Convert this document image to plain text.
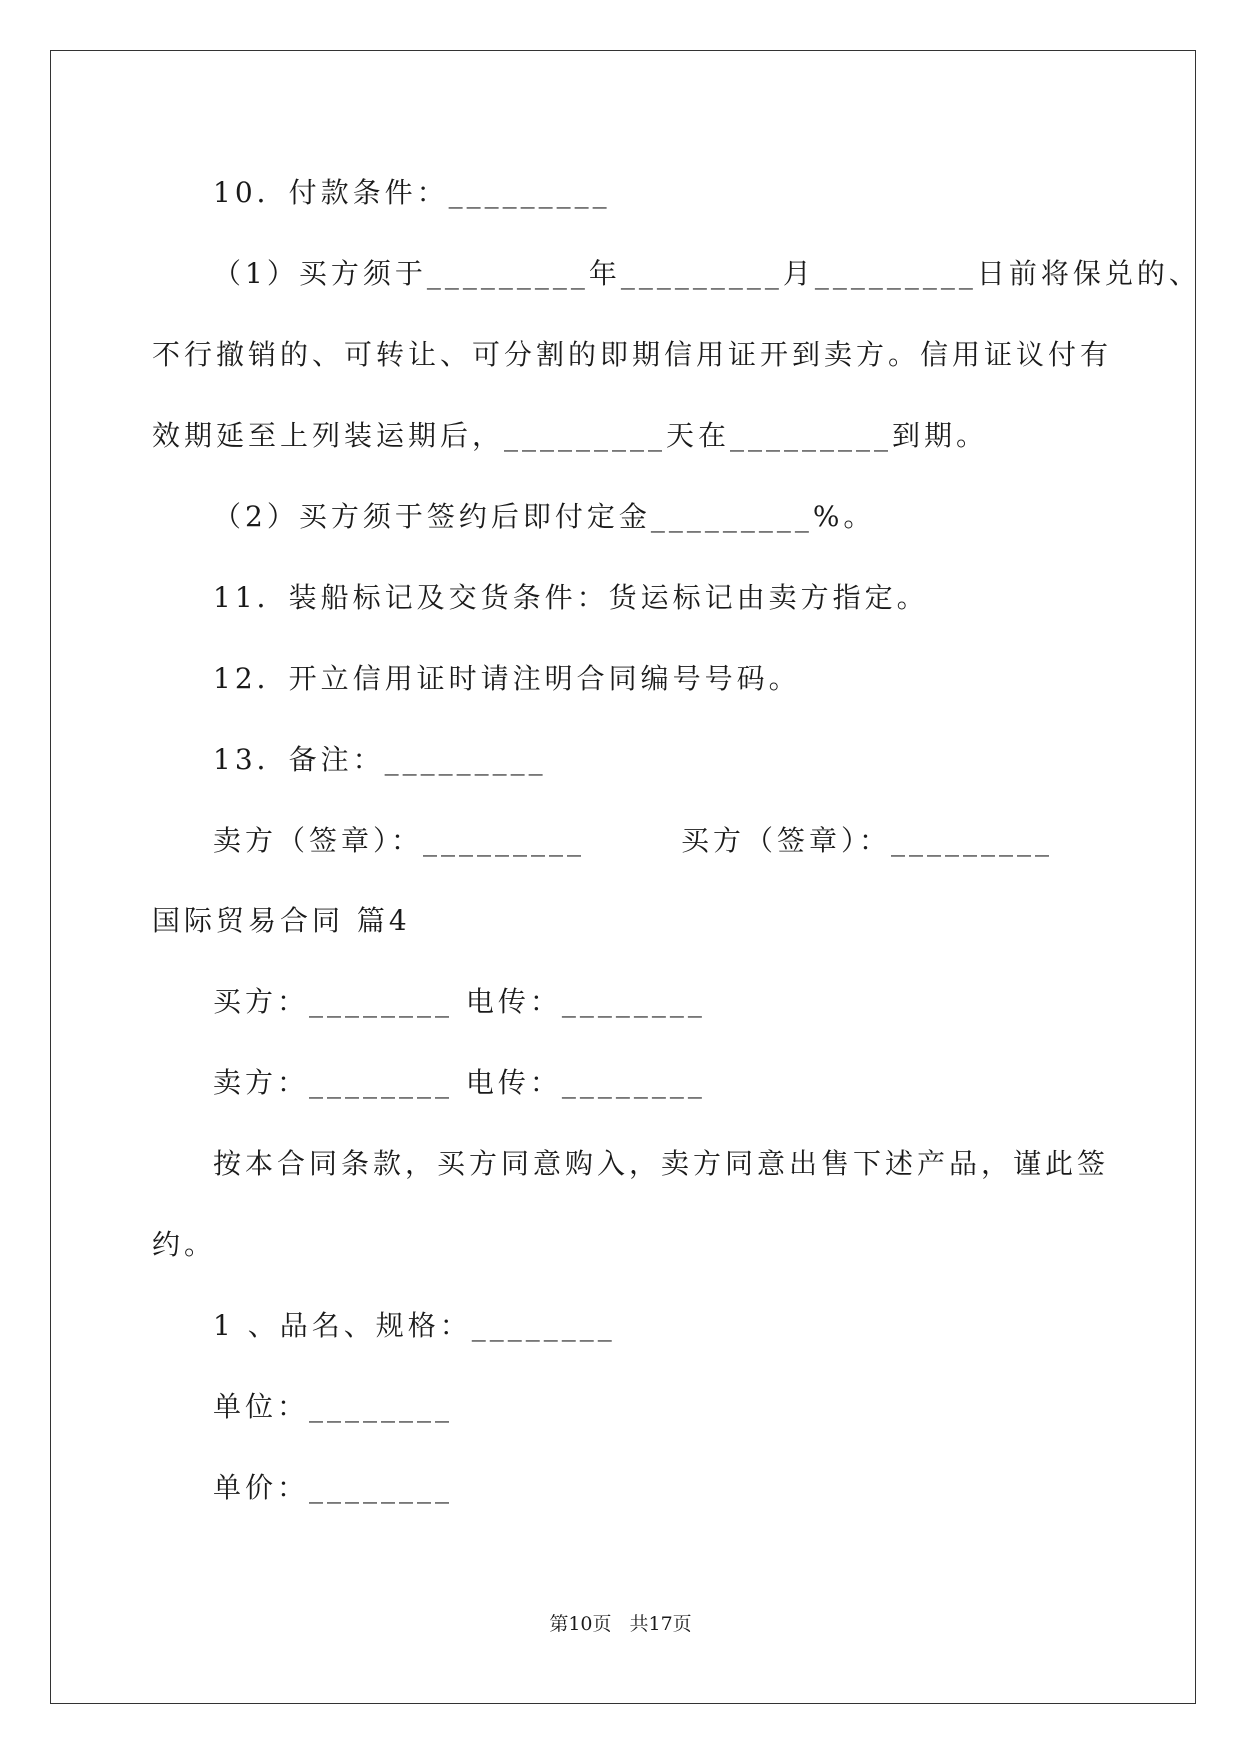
10．付款条件：_________
（1）买方须于_________年_________月_________日前将保兑的、
不行撤销的、可转让、可分割的即期信用证开到卖方。信用证议付有
效期延至上列装运期后，_________天在_________到期。
（2）买方须于签约后即付定金_________%。
11．装船标记及交货条件：货运标记由卖方指定。
12．开立信用证时请注明合同编号号码。
13．备注：_________
卖方（签章）：_________	买方（签章）：_________
国际贸易合同 篇4
买方：________ 电传：________
卖方：________ 电传：________
按本合同条款，买方同意购入，卖方同意出售下述产品，谨此签
约。
1 、品名、规格：________
单位：________
单价：________
第10页 共17页
